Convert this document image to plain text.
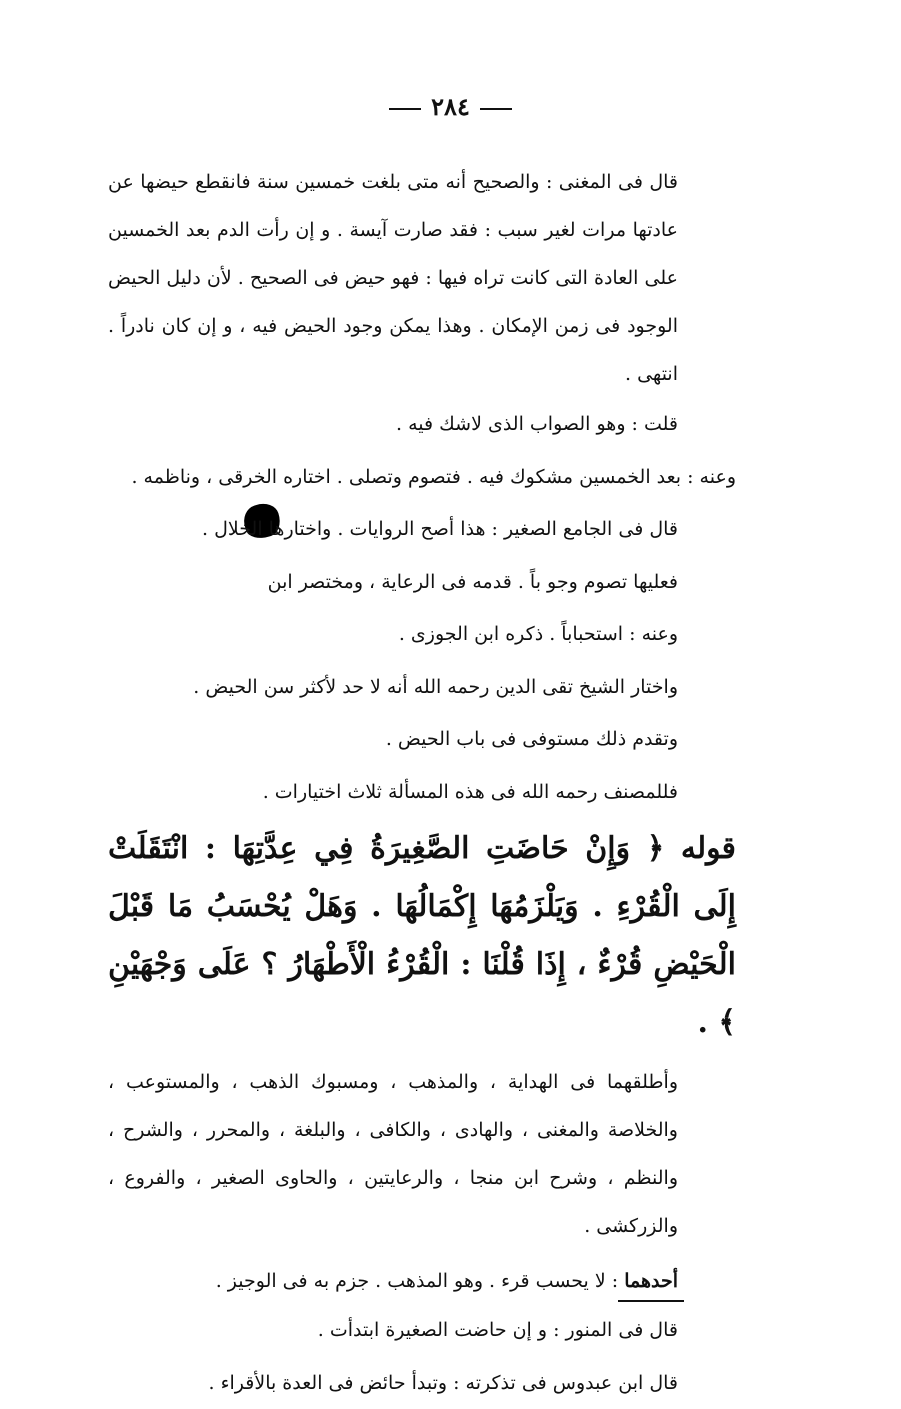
٢٨٤

قال فى المغنى : والصحيح أنه متى بلغت خمسين سنة فانقطع حيضها عن عادتها مرات لغير سبب : فقد صارت آيسة . و إن رأت الدم بعد الخمسين على العادة التى كانت تراه فيها : فهو حيض فى الصحيح . لأن دليل الحيض الوجود فى زمن الإمكان . وهذا يمكن وجود الحيض فيه ، و إن كان نادراً . انتهى .

قلت : وهو الصواب الذى لاشك فيه .

وعنه : بعد الخمسين مشكوك فيه . فتصوم وتصلى . اختاره الخرقى ، وناظمه .

قال فى الجامع الصغير : هذا أصح الروايات . واختارها الخلال .

فعليها تصوم وجو باً . قدمه فى الرعاية ، ومختصر ابن

وعنه : استحباباً . ذكره ابن الجوزى .

واختار الشيخ تقى الدين رحمه الله أنه لا حد لأكثر سن الحيض .

وتقدم ذلك مستوفى فى باب الحيض .

فللمصنف رحمه الله فى هذه المسألة ثلاث اختيارات .

قوله ﴿ وَإِنْ حَاضَتِ الصَّغِيرَةُ فِي عِدَّتِهَا : انْتَقَلَتْ إِلَى الْقُرْءِ . وَيَلْزَمُهَا إِكْمَالُهَا . وَهَلْ يُحْسَبُ مَا قَبْلَ الْحَيْضِ قُرْءٌ ، إِذَا قُلْنَا : الْقُرْءُ الْأَطْهَارُ ؟ عَلَى وَجْهَيْنِ ﴾ .

وأطلقهما فى الهداية ، والمذهب ، ومسبوك الذهب ، والمستوعب ، والخلاصة والمغنى ، والهادى ، والكافى ، والبلغة ، والمحرر ، والشرح ، والنظم ، وشرح ابن منجا ، والرعايتين ، والحاوى الصغير ، والفروع ، والزركشى .

أحدهما : لا يحسب قرء . وهو المذهب . جزم به فى الوجيز .

قال فى المنور : و إن حاضت الصغيرة ابتدأت .

قال ابن عبدوس فى تذكرته : وتبدأ حائض فى العدة بالأقراء .
